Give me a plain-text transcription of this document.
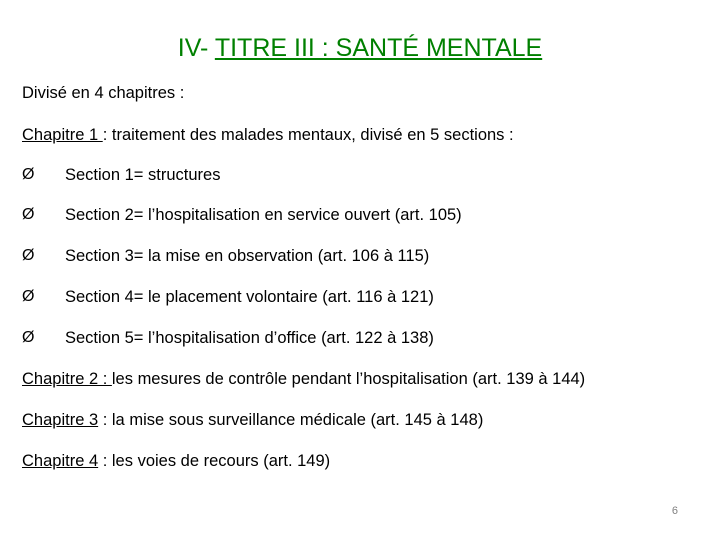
IV- TITRE III : SANTÉ MENTALE
Divisé en 4 chapitres :
Chapitre 1 : traitement des malades mentaux, divisé en 5 sections :
Ø Section 1= structures
Ø Section 2= l’hospitalisation en service ouvert (art. 105)
Ø Section 3= la mise en observation (art. 106 à 115)
Ø Section 4= le placement volontaire (art. 116 à 121)
Ø Section 5= l’hospitalisation d’office (art. 122 à 138)
Chapitre 2 : les mesures de contrôle pendant l’hospitalisation (art. 139 à 144)
Chapitre 3 : la mise sous surveillance médicale (art. 145 à 148)
Chapitre 4 : les voies de recours (art. 149)
6
